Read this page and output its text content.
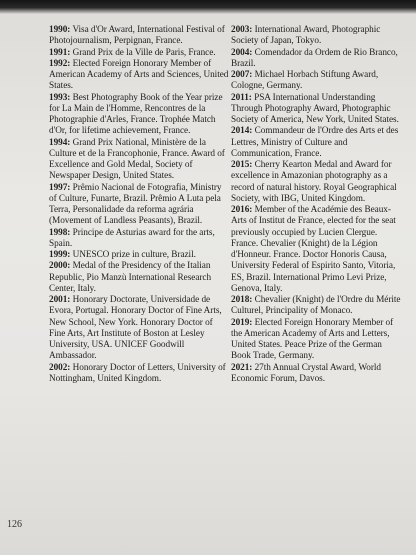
1990: Visa d'Or Award, International Festival of Photojournalism, Perpignan, France.

1991: Grand Prix de la Ville de Paris, France.

1992: Elected Foreign Honorary Member of American Academy of Arts and Sciences, United States.

1993: Best Photography Book of the Year prize for La Main de l'Homme, Rencontres de la Photographie d'Arles, France. Trophée Match d'Or, for lifetime achievement, France.

1994: Grand Prix National, Ministère de la Culture et de la Francophonie, France. Award of Excellence and Gold Medal, Society of Newspaper Design, United States.

1997: Prêmio Nacional de Fotografia, Ministry of Culture, Funarte, Brazil. Prêmio A Luta pela Terra, Personalidade da reforma agrária (Movement of Landless Peasants), Brazil.

1998: Principe de Asturias award for the arts, Spain.

1999: UNESCO prize in culture, Brazil.

2000: Medal of the Presidency of the Italian Republic, Pio Manzù International Research Center, Italy.

2001: Honorary Doctorate, Universidade de Evora, Portugal. Honorary Doctor of Fine Arts, New School, New York. Honorary Doctor of Fine Arts, Art Institute of Boston at Lesley University, USA. UNICEF Goodwill Ambassador.

2002: Honorary Doctor of Letters, University of Nottingham, United Kingdom.

2003: International Award, Photographic Society of Japan, Tokyo.

2004: Comendador da Ordem de Rio Branco, Brazil.

2007: Michael Horbach Stiftung Award, Cologne, Germany.

2011: PSA International Understanding Through Photography Award, Photographic Society of America, New York, United States.

2014: Commandeur de l'Ordre des Arts et des Lettres, Ministry of Culture and Communication, France.

2015: Cherry Kearton Medal and Award for excellence in Amazonian photography as a record of natural history. Royal Geographical Society, with IBG, United Kingdom.

2016: Member of the Académie des Beaux-Arts of Institut de France, elected for the seat previously occupied by Lucien Clergue. France. Chevalier (Knight) de la Légion d'Honneur. France. Doctor Honoris Causa, University Federal of Espirito Santo, Vitoria, ES, Brazil. International Primo Levi Prize, Genova, Italy.

2018: Chevalier (Knight) de l'Ordre du Mérite Culturel, Principality of Monaco.

2019: Elected Foreign Honorary Member of the American Academy of Arts and Letters, United States. Peace Prize of the German Book Trade, Germany.

2021: 27th Annual Crystal Award, World Economic Forum, Davos.

126
